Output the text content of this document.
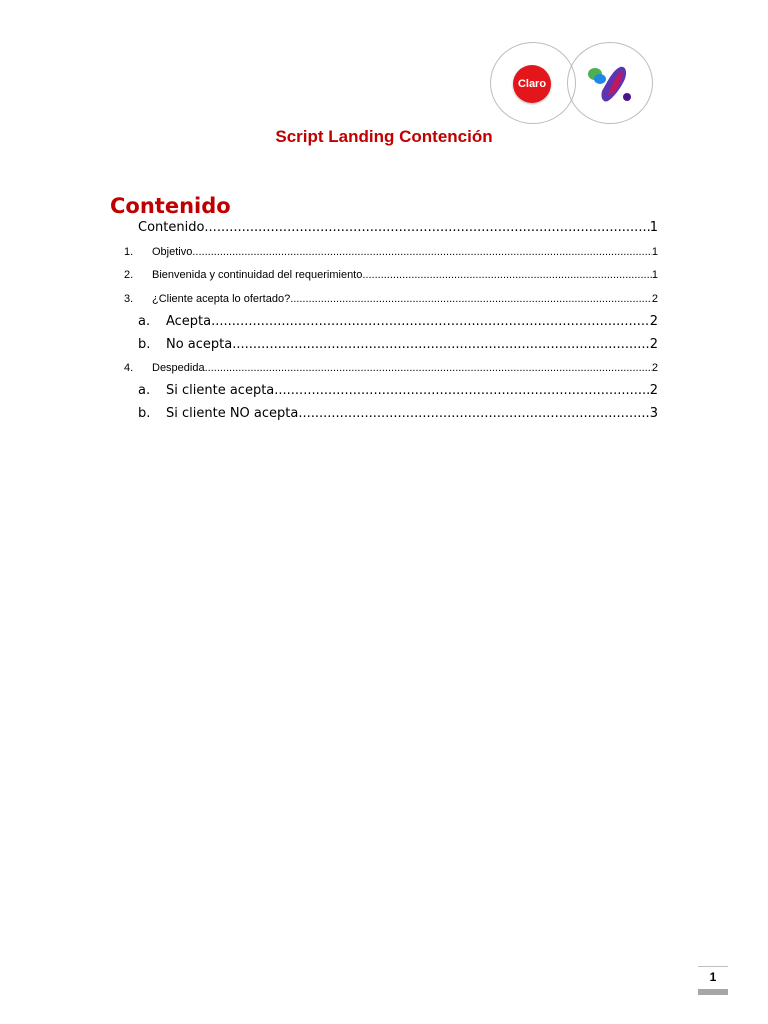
Claro
Script Landing Contención
Contenido
Contenido .....	1
1.	Objetivo .....	1
2.	Bienvenida y continuidad del requerimiento .....	1
3.	¿Cliente acepta lo ofertado? .....	2
a.	Acepta .....	2
b.	No acepta .....	2
4.	Despedida .....	2
a.	Si cliente acepta .....	2
b.	Si cliente NO acepta .....	3
1
